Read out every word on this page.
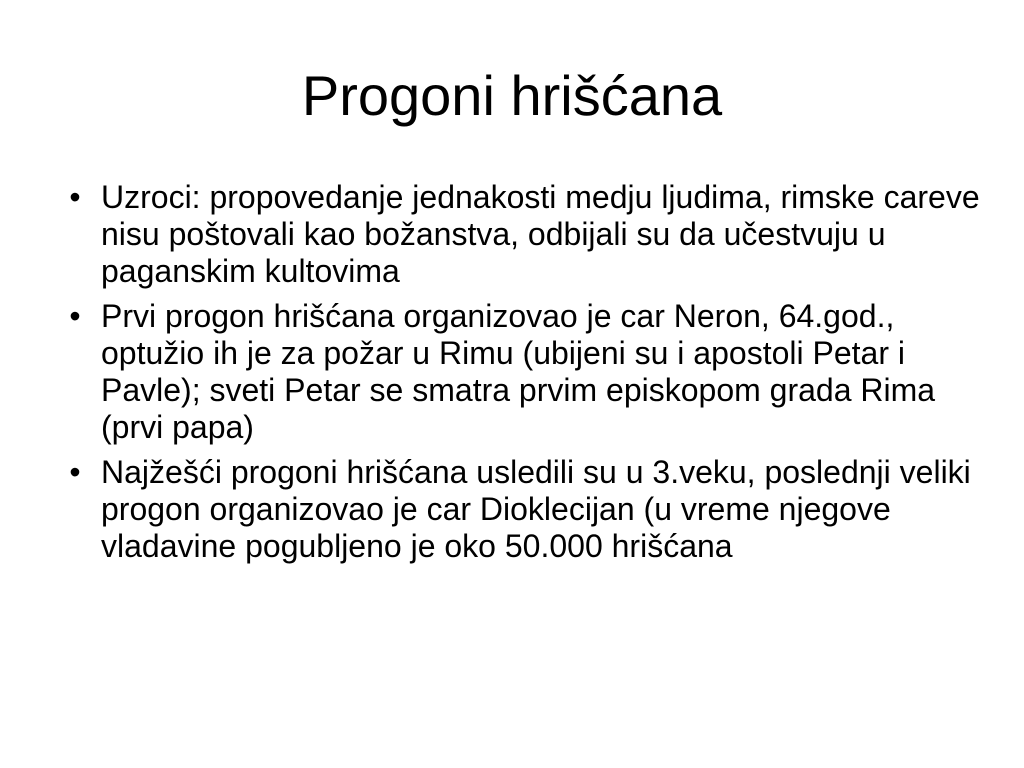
Progoni hrišćana
• Uzroci: propovedanje jednakosti medju ljudima, rimske careve nisu poštovali kao božanstva, odbijali su da učestvuju u paganskim kultovima
• Prvi progon hrišćana organizovao je car Neron, 64.god., optužio ih je za požar u Rimu (ubijeni su i apostoli Petar i Pavle); sveti Petar se smatra prvim episkopom grada Rima (prvi papa)
• Najžešći progoni hrišćana usledili su u 3.veku, poslednji veliki progon organizovao je car Dioklecijan (u vreme njegove vladavine pogubljeno je oko 50.000 hrišćana
